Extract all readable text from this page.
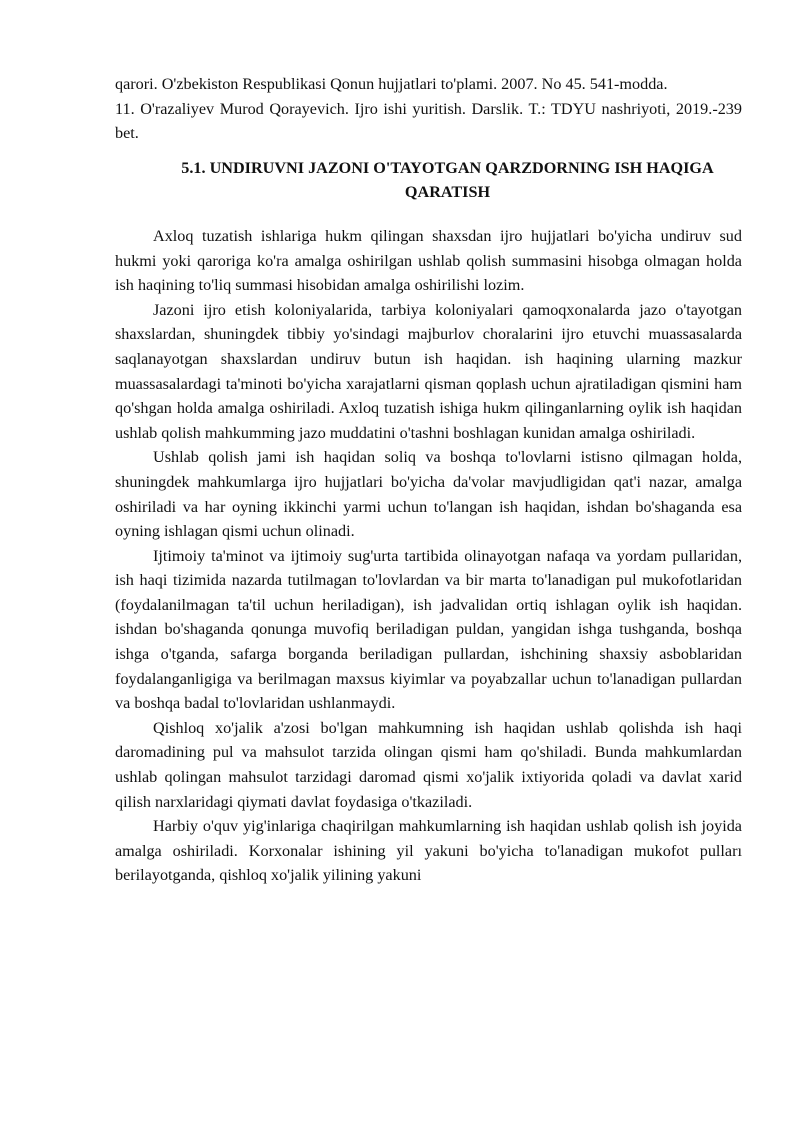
qarori. O'zbekiston Respublikasi Qonun hujjatlari to'plami. 2007. No 45. 541-modda.

11. O'razaliyev Murod Qorayevich. Ijro ishi yuritish. Darslik. T.: TDYU nashriyoti, 2019.-239 bet.

5.1. UNDIRUVNI JAZONI O'TAYOTGAN QARZDORNING ISH HAQIGA QARATISH

Axloq tuzatish ishlariga hukm qilingan shaxsdan ijro hujjatlari bo'yicha undiruv sud hukmi yoki qaroriga ko'ra amalga oshirilgan ushlab qolish summasini hisobga olmagan holda ish haqining to'liq summasi hisobidan amalga oshirilishi lozim.

Jazoni ijro etish koloniyalarida, tarbiya koloniyalari qamoqxonalarda jazo o'tayotgan shaxslardan, shuningdek tibbiy yo'sindagi majburlov choralarini ijro etuvchi muassasalarda saqlanayotgan shaxslardan undiruv butun ish haqidan. ish haqining ularning mazkur muassasalardagi ta'minoti bo'yicha xarajatlarni qisman qoplash uchun ajratiladigan qismini ham qo'shgan holda amalga oshiriladi. Axloq tuzatish ishiga hukm qilinganlarning oylik ish haqidan ushlab qolish mahkumming jazo muddatini o'tashni boshlagan kunidan amalga oshiriladi.

Ushlab qolish jami ish haqidan soliq va boshqa to'lovlarni istisno qilmagan holda, shuningdek mahkumlarga ijro hujjatlari bo'yicha da'volar mavjudligidan qat'i nazar, amalga oshiriladi va har oyning ikkinchi yarmi uchun to'langan ish haqidan, ishdan bo'shaganda esa oyning ishlagan qismi uchun olinadi.

Ijtimoiy ta'minot va ijtimoiy sug'urta tartibida olinayotgan nafaqa va yordam pullaridan, ish haqi tizimida nazarda tutilmagan to'lovlardan va bir marta to'lanadigan pul mukofotlaridan (foydalanilmagan ta'til uchun heriladigan), ish jadvalidan ortiq ishlagan oylik ish haqidan. ishdan bo'shaganda qonunga muvofiq beriladigan puldan, yangidan ishga tushganda, boshqa ishga o'tganda, safarga borganda beriladigan pullardan, ishchining shaxsiy asboblaridan foydalanganligiga va berilmagan maxsus kiyimlar va poyabzallar uchun to'lanadigan pullardan va boshqa badal to'lovlaridan ushlanmaydi.

Qishloq xo'jalik a'zosi bo'lgan mahkumning ish haqidan ushlab qolishda ish haqi daromadining pul va mahsulot tarzida olingan qismi ham qo'shiladi. Bunda mahkumlardan ushlab qolingan mahsulot tarzidagi daromad qismi xo'jalik ixtiyorida qoladi va davlat xarid qilish narxlaridagi qiymati davlat foydasiga o'tkaziladi.

Harbiy o'quv yig'inlariga chaqirilgan mahkumlarning ish haqidan ushlab qolish ish joyida amalga oshiriladi. Korxonalar ishining yil yakuni bo'yicha to'lanadigan mukofot pulları berilayotganda, qishloq xo'jalik yilining yakuni
